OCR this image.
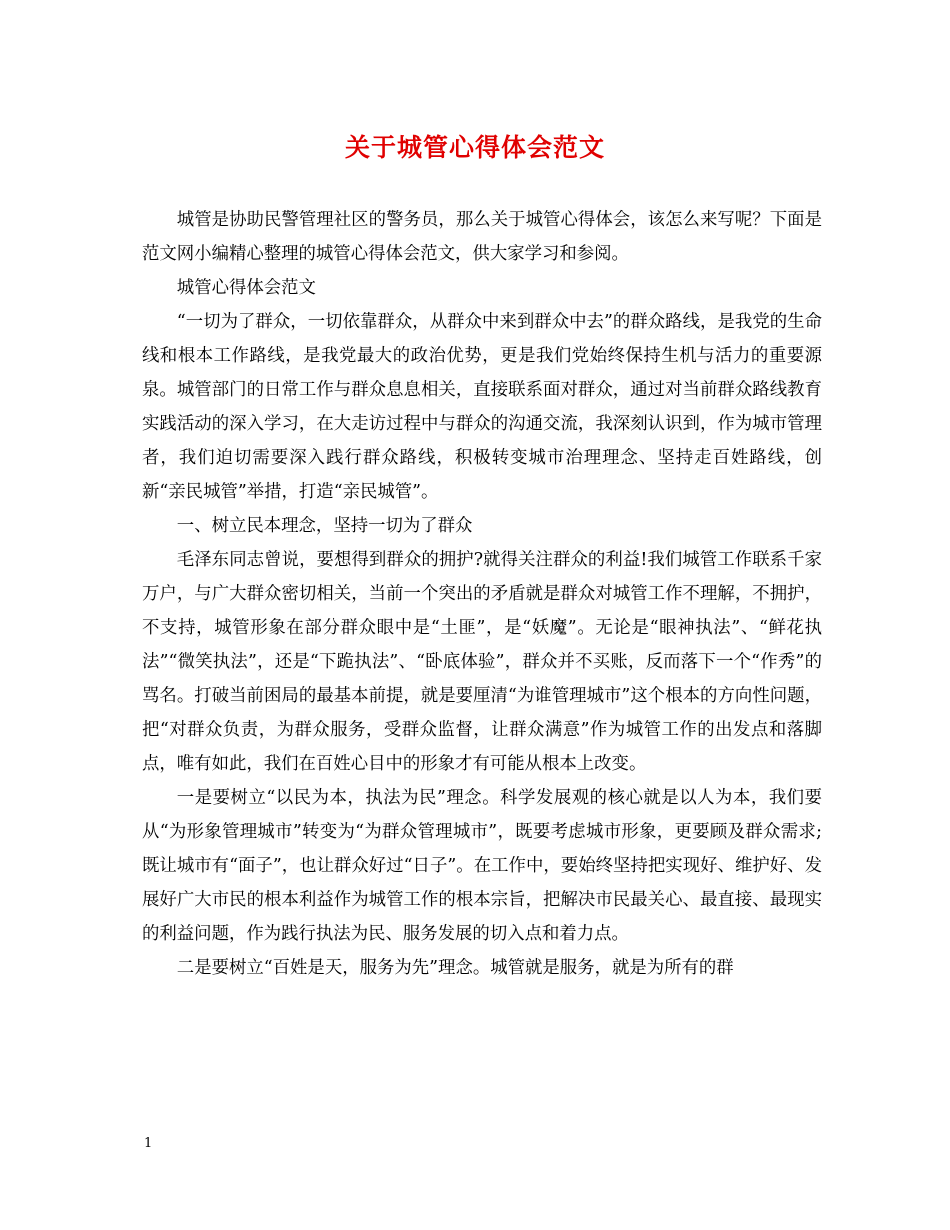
关于城管心得体会范文

城管是协助民警管理社区的警务员，那么关于城管心得体会，该怎么来写呢？下面是范文网小编精心整理的城管心得体会范文，供大家学习和参阅。

城管心得体会范文

“一切为了群众，一切依靠群众，从群众中来到群众中去”的群众路线，是我党的生命线和根本工作路线，是我党最大的政治优势，更是我们党始终保持生机与活力的重要源泉。城管部门的日常工作与群众息息相关，直接联系面对群众，通过对当前群众路线教育实践活动的深入学习，在大走访过程中与群众的沟通交流，我深刻认识到，作为城市管理者，我们迫切需要深入践行群众路线，积极转变城市治理理念、坚持走百姓路线，创新“亲民城管”举措，打造“亲民城管”。

一、树立民本理念，坚持一切为了群众

毛泽东同志曾说，要想得到群众的拥护?就得关注群众的利益!我们城管工作联系千家万户，与广大群众密切相关，当前一个突出的矛盾就是群众对城管工作不理解，不拥护，不支持，城管形象在部分群众眼中是“土匪”，是“妖魔”。无论是“眼神执法”、“鲜花执法”“微笑执法”，还是“下跪执法”、“卧底体验”，群众并不买账，反而落下一个“作秀”的骂名。打破当前困局的最基本前提，就是要厘清“为谁管理城市”这个根本的方向性问题，把“对群众负责，为群众服务，受群众监督，让群众满意”作为城管工作的出发点和落脚点，唯有如此，我们在百姓心目中的形象才有可能从根本上改变。

一是要树立“以民为本，执法为民”理念。科学发展观的核心就是以人为本，我们要从“为形象管理城市”转变为“为群众管理城市”，既要考虑城市形象，更要顾及群众需求;既让城市有“面子”，也让群众好过“日子”。在工作中，要始终坚持把实现好、维护好、发展好广大市民的根本利益作为城管工作的根本宗旨，把解决市民最关心、最直接、最现实的利益问题，作为践行执法为民、服务发展的切入点和着力点。

二是要树立“百姓是天，服务为先”理念。城管就是服务，就是为所有的群

1
